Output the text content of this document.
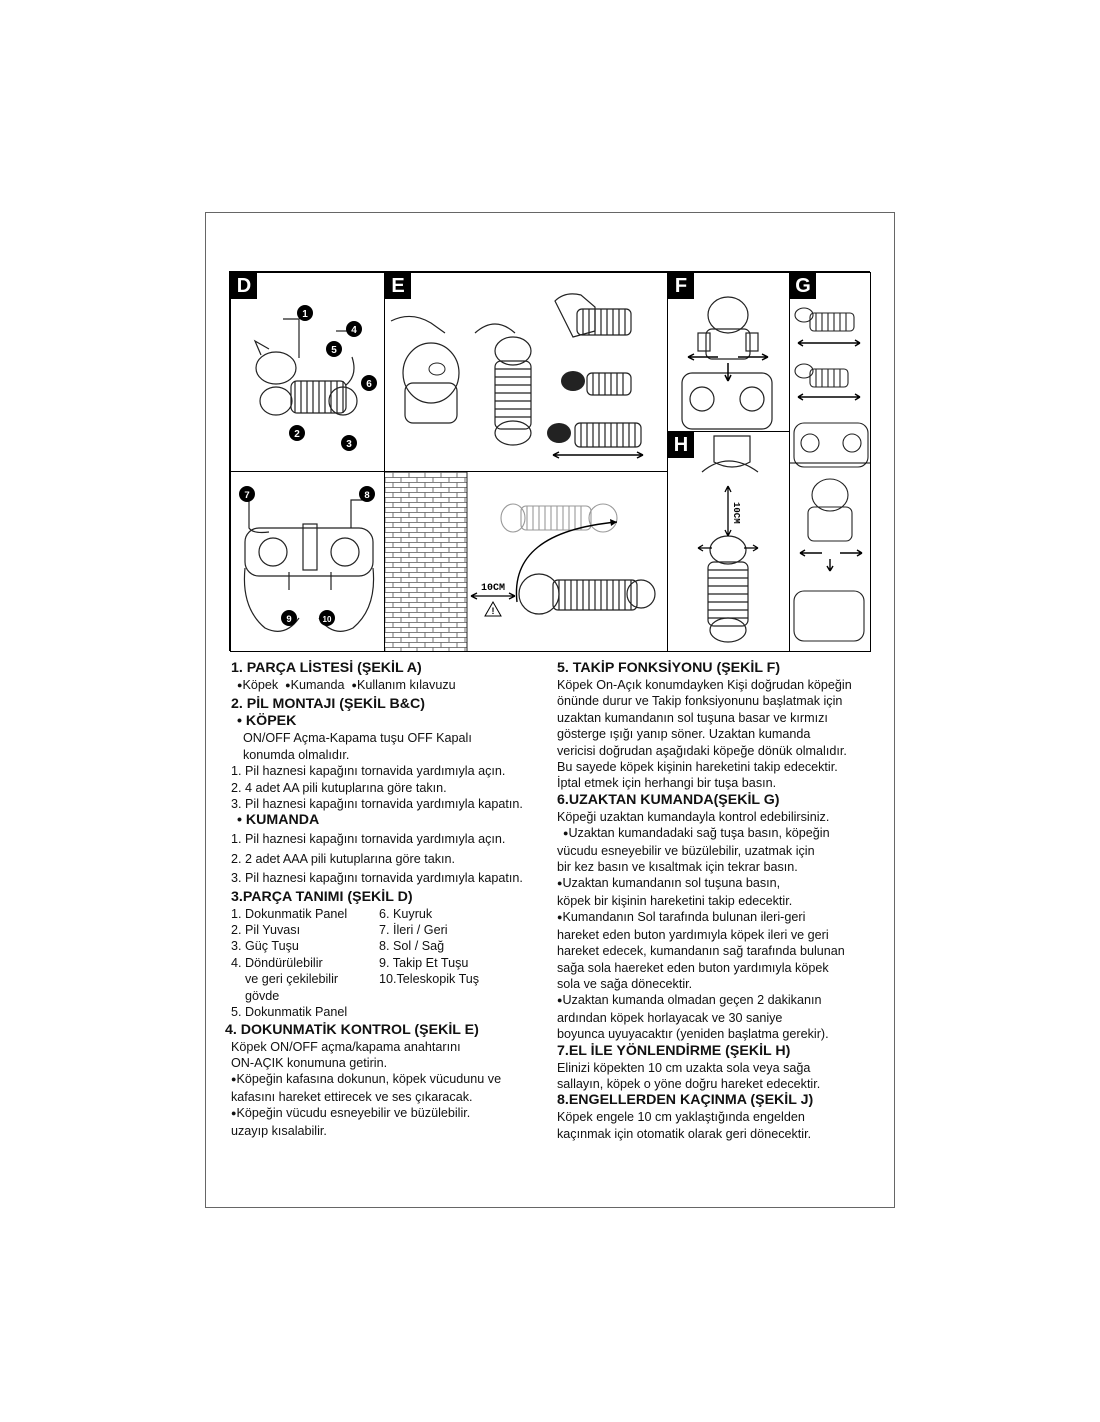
D
1
4
5
6
2
3
E	F	G
10CM
!
H
10CM
7	8
9	10
1. PARÇA LİSTESİ (ŞEKİL A)
● Köpek ● Kumanda ● Kullanım kılavuzu
2. PİL MONTAJI (ŞEKİL B&C)
• KÖPEK
ON/OFF Açma-Kapama tuşu OFF Kapalı
konumda olmalıdır.
1. Pil haznesi kapağını tornavida yardımıyla açın.
2. 4 adet AA pili kutuplarına göre takın.
3. Pil haznesi kapağını tornavida yardımıyla kapatın.
• KUMANDA
1. Pil haznesi kapağını tornavida yardımıyla açın.
2. 2 adet AAA pili kutuplarına göre takın.
3. Pil haznesi kapağını tornavida yardımıyla kapatın.
3.PARÇA TANIMI (ŞEKİL D)
1. Dokunmatik Panel
2. Pil Yuvası
3. Güç Tuşu
4. Döndürülebilir
ve geri çekilebilir
gövde
5. Dokunmatik Panel
6. Kuyruk
7. İleri / Geri
8. Sol / Sağ
9. Takip Et Tuşu
10.Teleskopik Tuş
4. DOKUNMATİK KONTROL (ŞEKİL E)
Köpek ON/OFF açma/kapama anahtarını
ON-AÇIK konumuna getirin.
● Köpeğin kafasına dokunun, köpek vücudunu ve
kafasını hareket ettirecek ve ses çıkaracak.
● Köpeğin vücudu esneyebilir ve büzülebilir.
uzayıp kısalabilir.
5. TAKİP FONKSİYONU (ŞEKİL F)
Köpek On-Açık konumdayken Kişi doğrudan köpeğin
önünde durur ve Takip fonksiyonunu başlatmak için
uzaktan kumandanın sol tuşuna basar ve kırmızı
gösterge ışığı yanıp söner. Uzaktan kumanda
vericisi doğrudan aşağıdaki köpeğe dönük olmalıdır.
Bu sayede köpek kişinin hareketini takip edecektir.
İptal etmek için herhangi bir tuşa basın.
6.UZAKTAN KUMANDA(ŞEKİL G)
Köpeği uzaktan kumandayla kontrol edebilirsiniz.
● Uzaktan kumandadaki sağ tuşa basın, köpeğin
vücudu esneyebilir ve büzülebilir, uzatmak için
bir kez basın ve kısaltmak için tekrar basın.
● Uzaktan kumandanın sol tuşuna basın,
köpek bir kişinin hareketini takip edecektir.
● Kumandanın Sol tarafında bulunan ileri-geri
hareket eden buton yardımıyla köpek ileri ve geri
hareket edecek, kumandanın sağ tarafında bulunan
sağa sola haereket eden buton yardımıyla köpek
sola ve sağa dönecektir.
● Uzaktan kumanda olmadan geçen 2 dakikanın
ardından köpek horlayacak ve 30 saniye
boyunca uyuyacaktır (yeniden başlatma gerekir).
7.EL İLE YÖNLENDİRME (ŞEKİL H)
Elinizi köpekten 10 cm uzakta sola veya sağa
sallayın, köpek o yöne doğru hareket edecektir.
8.ENGELLERDEN KAÇINMA (ŞEKİL J)
Köpek engele 10 cm yaklaştığında engelden
kaçınmak için otomatik olarak geri dönecektir.
